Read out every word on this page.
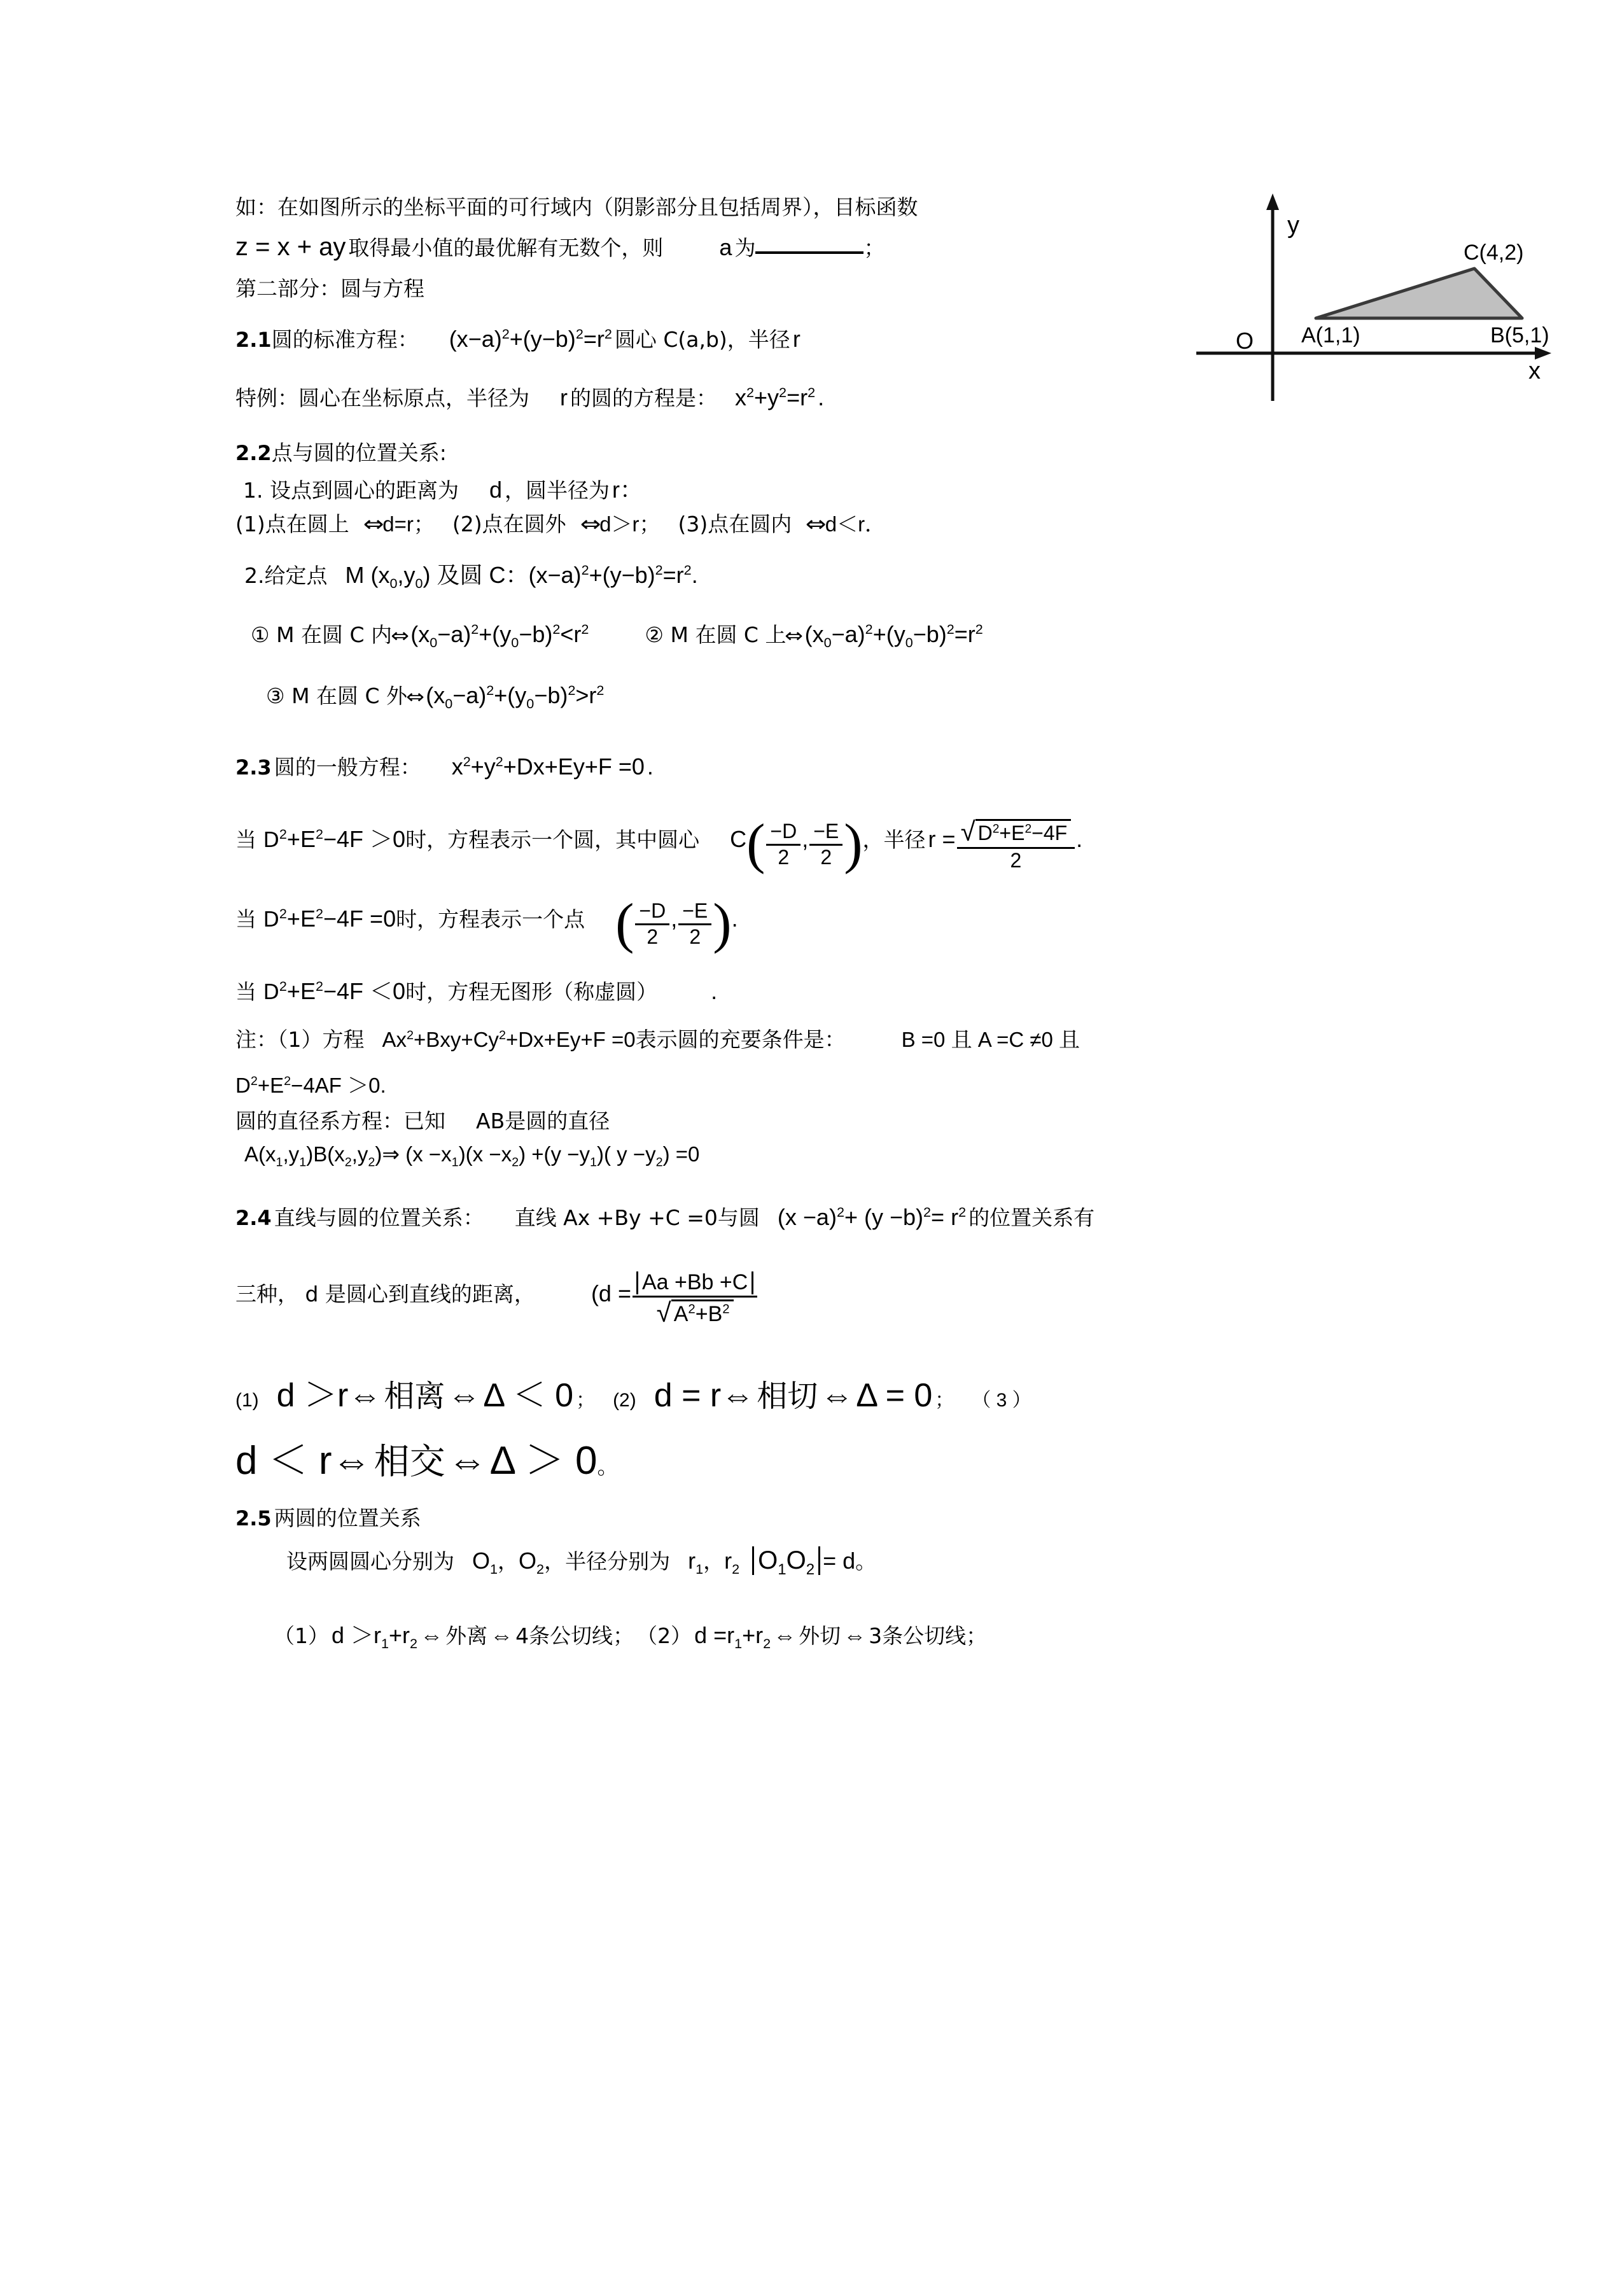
y
x
O A(1,1)	B(5,1)
C(4,2)
如：在如图所示的坐标平面的可行域内（阴影部分且包括周界），目标函数
z = x + ay 取得最小值的最优解有无数个，则 a 为	；
第二部分：圆与方程
2.1圆的标准方程： $(x-a)^2+(y-b)^2=r^2$ 圆心 C(a,b)，半径 r
特例：圆心在坐标原点，半径为 r 的圆的方程是： $x^2+y^2=r^2$ .
2.2点与圆的位置关系:
1. 设点到圆心的距离为 d ，圆半径为 r：
(1)点在圆上 ⇔d=r； (2)点在圆外 ⇔d＞r； (3)点在圆内 ⇔d＜r．
2.给定点 M $(x_0,y_0)$ 及圆 C：$(x-a)^2+(y-b)^2=r^2$.
① M 在圆 C 内⇔ $(x_0-a)^2+(y_0-b)^2<r^2$	② M 在圆 C 上⇔ $(x_0-a)^2+(y_0-b)^2=r^2$
③ M 在圆 C 外⇔ $(x_0-a)^2+(y_0-b)^2>r^2$
2.3 圆的一般方程： $x^2+y^2+Dx+Ey+F =0$ .
当 $D^2+E^2-4F >0$时，方程表示一个圆，其中圆心 $C( \frac{-D}{2}$ , $\frac{-E}{2}$ )，半径 $r = \frac{√ D^2+E^2-4F}{2}$ .
当 $D^2+E^2-4F =0$时，方程表示一个点 ( $\frac{-D}{2}$ , $\frac{-E}{2}$ ).
当 $D^2+E^2-4F <0$时，方程无图形（称虚圆） .
注：（1）方程 $Ax^2+Bxy+Cy^2+Dx+Ey+F =0$表示圆的充要条件是：	B =0 且 A =C ≠0 且
$D^2+E^2-4AF >0$.
圆的直径系方程：已知 AB是圆的直径
$A(x_1,y_1)B(x_2,y_2)\Rightarrow$ $(x -x_1)(x -x_2) +(y -y_1)$( $y -y_2) =0$
2.4 直线与圆的位置关系： 直线 Ax +By +C =0与圆 $(x -a)^2+ (y -b)^2= r^2$ 的位置关系有
三种， d 是圆心到直线的距离， ($d = \frac{Aa +Bb +C}{√ A^2+B^2}$
(1) d ＞r⇔ 相离 ⇔ Δ ＜ 0 ； (2) d = r⇔ 相切 ⇔ Δ = 0 ； （ 3 ）
d ＜ r⇔ 相交 ⇔ Δ ＞ 0。
2.5 两圆的位置关系
设两圆圆心分别为 $O_1$，$O_2$，半径分别为 $r_1$，$r_2$ $O_1O_2 = d$。
（1） $d >r_1+r_2$ ⇔ 外离 ⇔ 4条公切线； （2） $d =r_1+r_2$ ⇔ 外切 ⇔ 3条公切线；
